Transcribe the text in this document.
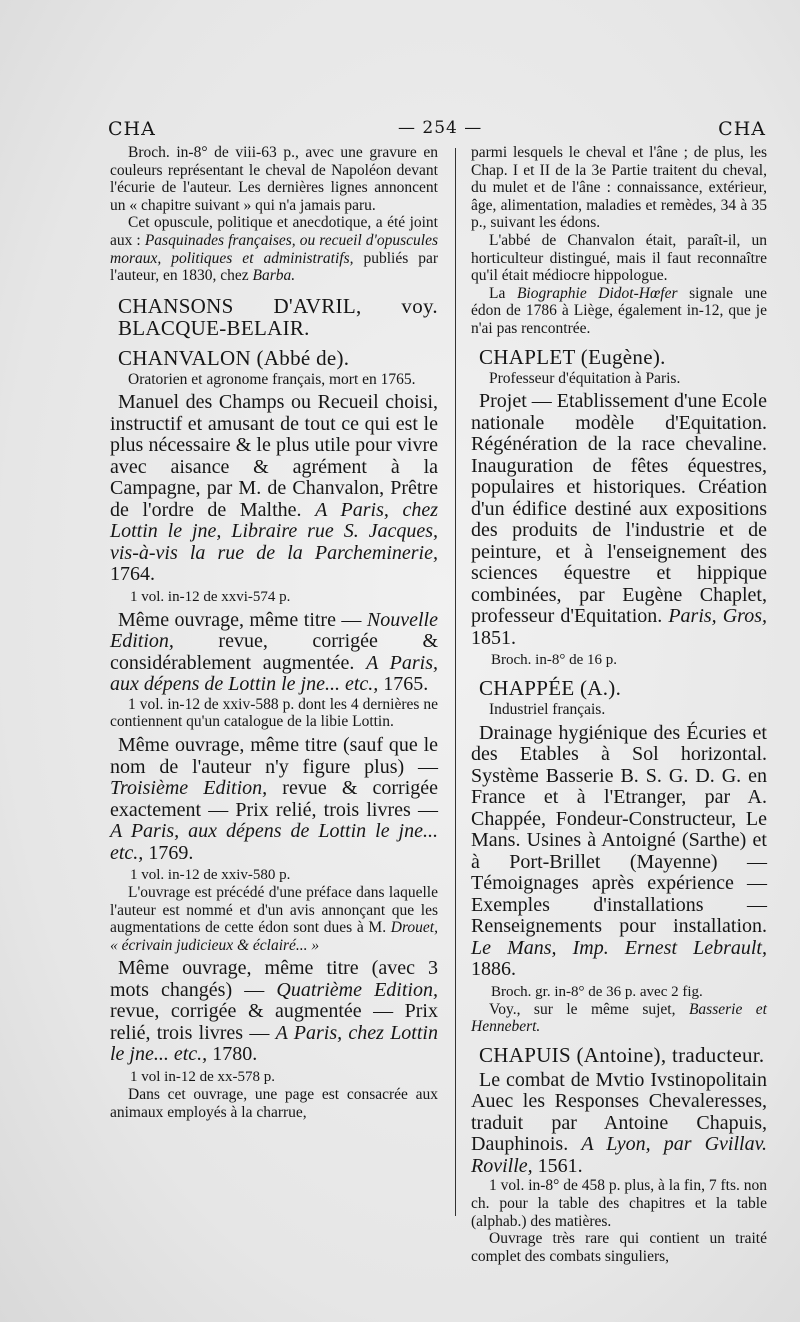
CHA	— 254 —	CHA

Broch. in-8° de viii-63 p., avec une gravure en couleurs représentant le cheval de Napoléon devant l'écurie de l'auteur. Les dernières lignes annoncent un « chapitre suivant » qui n'a jamais paru.

Cet opuscule, politique et anecdotique, a été joint aux : Pasquinades françaises, ou recueil d'opuscules moraux, politiques et administratifs, publiés par l'auteur, en 1830, chez Barba.

CHANSONS D'AVRIL, voy. BLACQUE-BELAIR.

CHANVALON (Abbé de).

Oratorien et agronome français, mort en 1765.

Manuel des Champs ou Recueil choisi, instructif et amusant de tout ce qui est le plus nécessaire & le plus utile pour vivre avec aisance & agrément à la Campagne, par M. de Chanvalon, Prêtre de l'ordre de Malthe. A Paris, chez Lottin le jne, Libraire rue S. Jacques, vis-à-vis la rue de la Parcheminerie, 1764.

1 vol. in-12 de xxvi-574 p.

Même ouvrage, même titre — Nouvelle Edition, revue, corrigée & considérablement augmentée. A Paris, aux dépens de Lottin le jne... etc., 1765.

1 vol. in-12 de xxiv-588 p. dont les 4 dernières ne contiennent qu'un catalogue de la libie Lottin.

Même ouvrage, même titre (sauf que le nom de l'auteur n'y figure plus) — Troisième Edition, revue & corrigée exactement — Prix relié, trois livres — A Paris, aux dépens de Lottin le jne... etc., 1769.

1 vol. in-12 de xxiv-580 p.

L'ouvrage est précédé d'une préface dans laquelle l'auteur est nommé et d'un avis annonçant que les augmentations de cette édon sont dues à M. Drouet, « écrivain judicieux & éclairé... »

Même ouvrage, même titre (avec 3 mots changés) — Quatrième Edition, revue, corrigée & augmentée — Prix relié, trois livres — A Paris, chez Lottin le jne... etc., 1780.

1 vol in-12 de xx-578 p.

Dans cet ouvrage, une page est consacrée aux animaux employés à la charrue,

parmi lesquels le cheval et l'âne ; de plus, les Chap. I et II de la 3e Partie traitent du cheval, du mulet et de l'âne : connaissance, extérieur, âge, alimentation, maladies et remèdes, 34 à 35 p., suivant les édons.

L'abbé de Chanvalon était, paraît-il, un horticulteur distingué, mais il faut reconnaître qu'il était médiocre hippologue.

La Biographie Didot-Hœfer signale une édon de 1786 à Liège, également in-12, que je n'ai pas rencontrée.

CHAPLET (Eugène).

Professeur d'équitation à Paris.

Projet — Etablissement d'une Ecole nationale modèle d'Equitation. Régénération de la race chevaline. Inauguration de fêtes équestres, populaires et historiques. Création d'un édifice destiné aux expositions des produits de l'industrie et de peinture, et à l'enseignement des sciences équestre et hippique combinées, par Eugène Chaplet, professeur d'Equitation. Paris, Gros, 1851.

Broch. in-8° de 16 p.

CHAPPÉE (A.).

Industriel français.

Drainage hygiénique des Écuries et des Etables à Sol horizontal. Système Basserie B. S. G. D. G. en France et à l'Etranger, par A. Chappée, Fondeur-Constructeur, Le Mans. Usines à Antoigné (Sarthe) et à Port-Brillet (Mayenne) — Témoignages après expérience — Exemples d'installations — Renseignements pour installation. Le Mans, Imp. Ernest Lebrault, 1886.

Broch. gr. in-8° de 36 p. avec 2 fig.

Voy., sur le même sujet, Basserie et Hennebert.

CHAPUIS (Antoine), traducteur.

Le combat de Mvtio Ivstinopolitain Auec les Responses Chevaleresses, traduit par Antoine Chapuis, Dauphinois. A Lyon, par Gvillav. Roville, 1561.

1 vol. in-8° de 458 p. plus, à la fin, 7 fts. non ch. pour la table des chapitres et la table (alphab.) des matières.

Ouvrage très rare qui contient un traité complet des combats singuliers,
